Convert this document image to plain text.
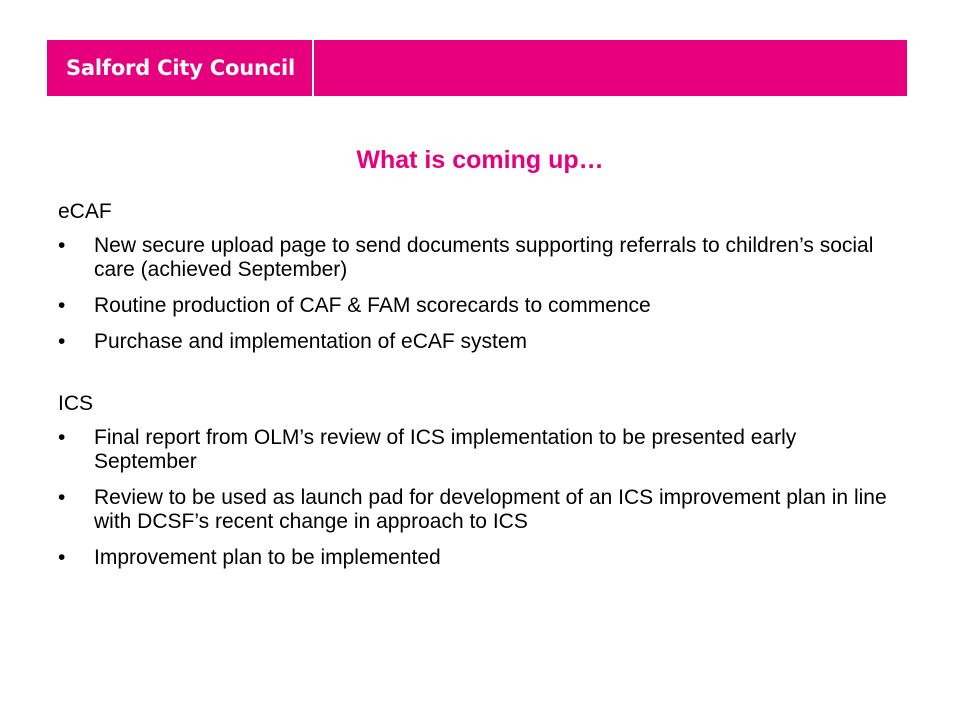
Salford City Council
What is coming up…
eCAF
• New secure upload page to send documents supporting referrals to children’s social care (achieved September)
• Routine production of CAF & FAM scorecards to commence
• Purchase and implementation of eCAF system
ICS
• Final report from OLM’s review of ICS implementation to be presented early September
• Review to be used as launch pad for development of an ICS improvement plan in line with DCSF’s recent change in approach to ICS
• Improvement plan to be implemented
